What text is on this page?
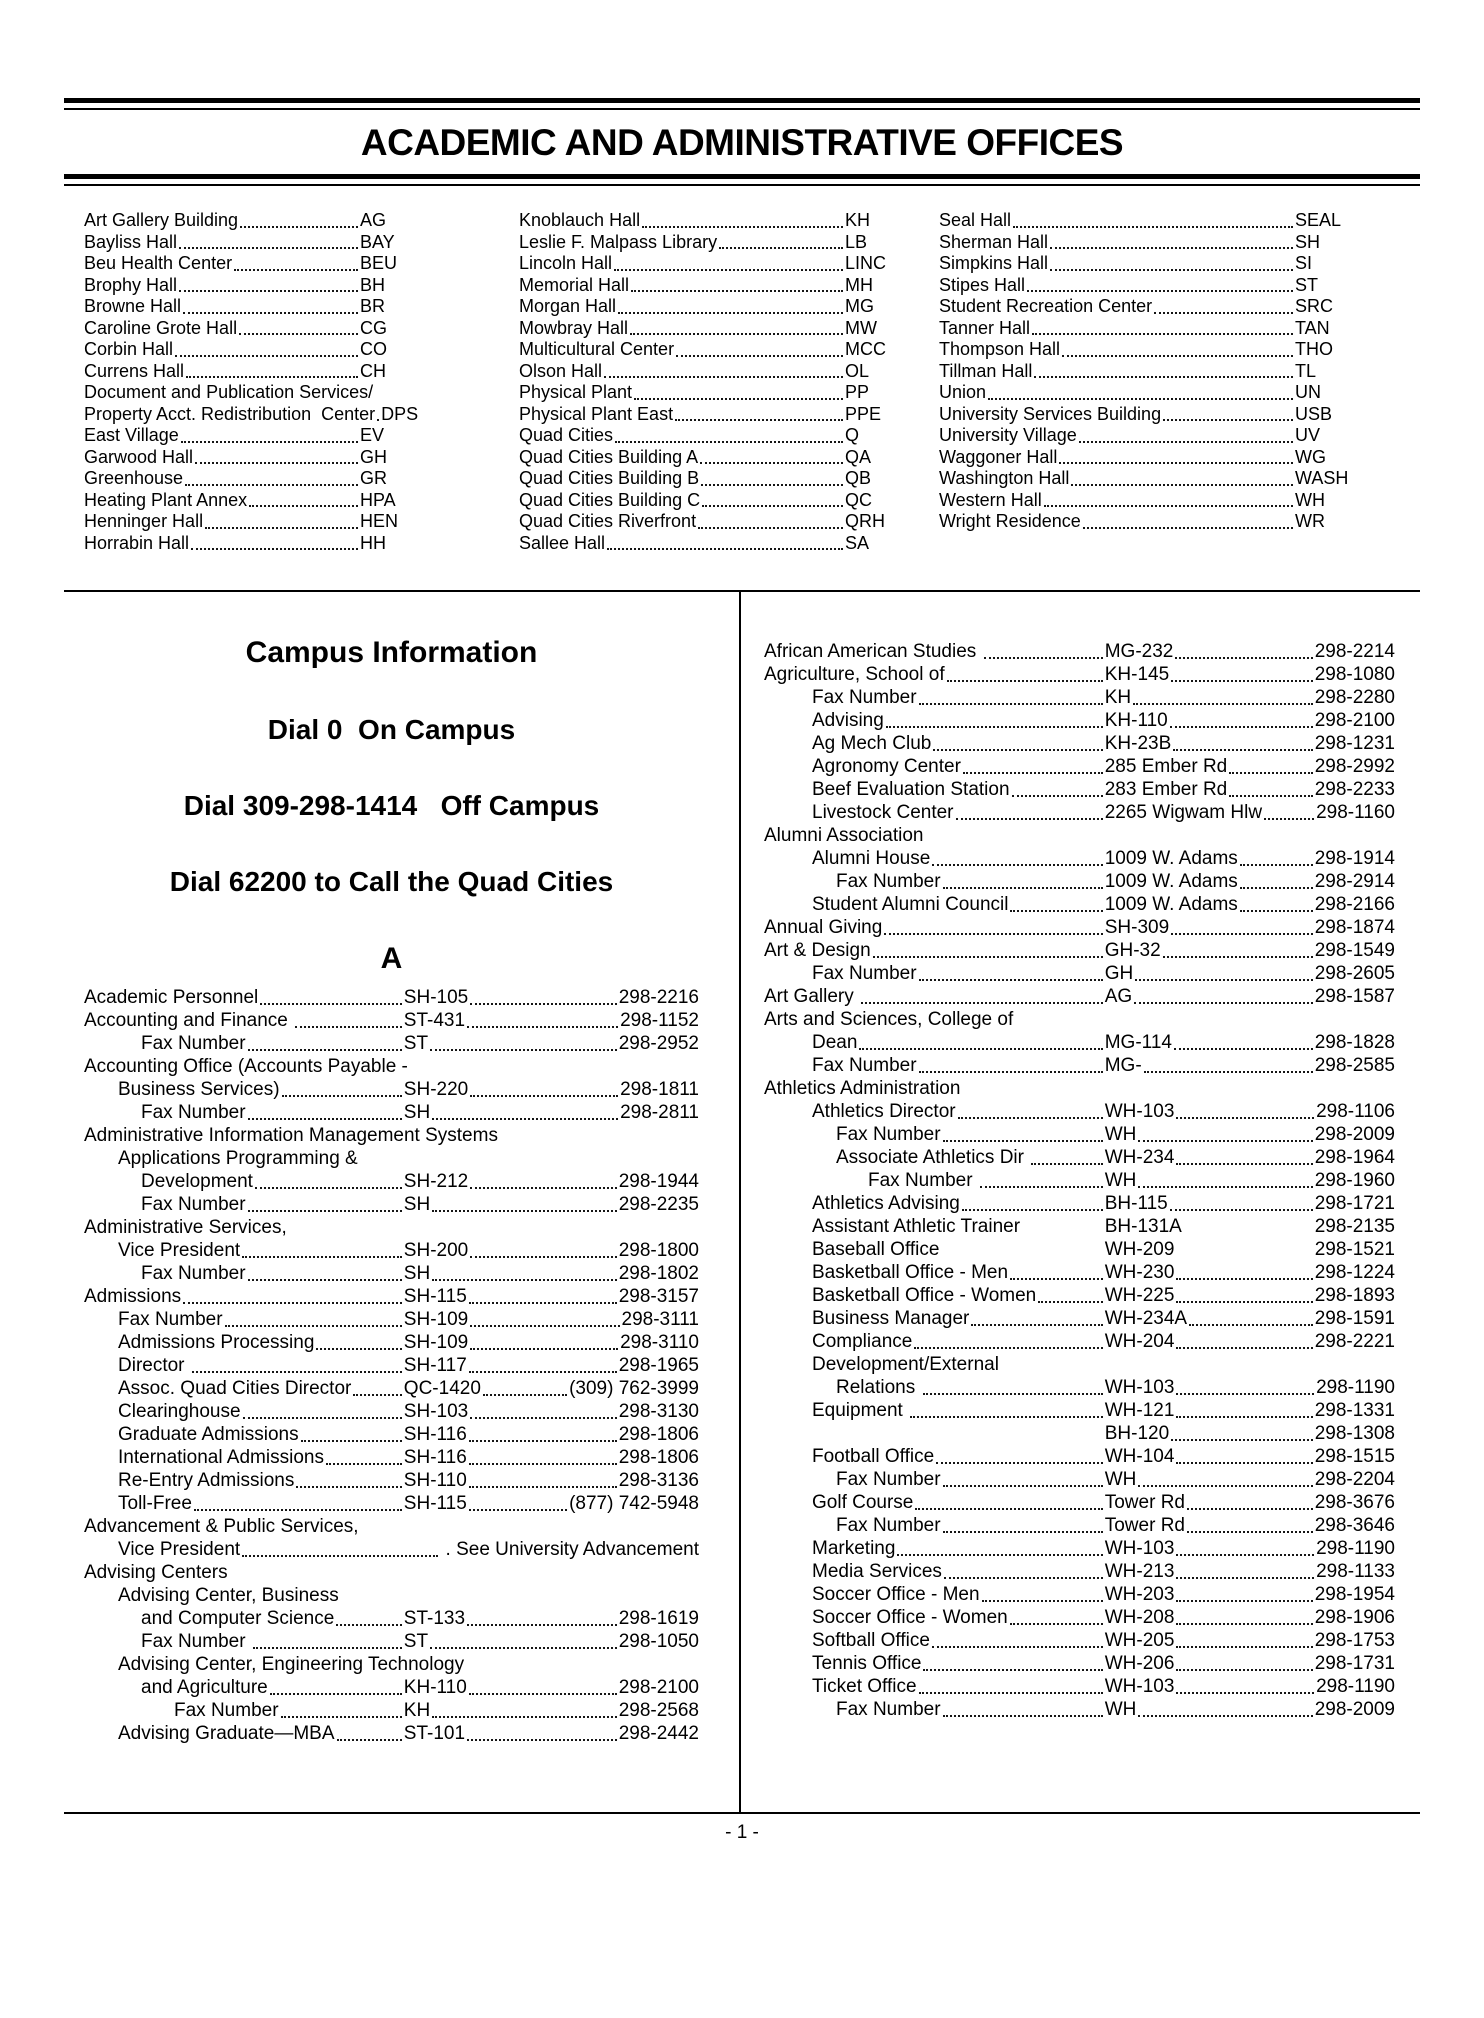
ACADEMIC AND ADMINISTRATIVE OFFICES
Art Gallery Building	AG
Bayliss Hall	BAY
Beu Health Center	BEU
Brophy Hall	BH
Browne Hall	BR
Caroline Grote Hall	CG
Corbin Hall	CO
Currens Hall	CH
Document and Publication Services/
Property Acct. Redistribution  Center DPS
East Village	EV
Garwood Hall	GH
Greenhouse	GR
Heating Plant Annex	HPA
Henninger Hall	HEN
Horrabin Hall	HH
Knoblauch Hall	KH
Leslie F. Malpass Library	LB
Lincoln Hall	LINC
Memorial Hall	MH
Morgan Hall	MG
Mowbray Hall	MW
Multicultural Center	MCC
Olson Hall	OL
Physical Plant	PP
Physical Plant East	PPE
Quad Cities	Q
Quad Cities Building A	QA
Quad Cities Building B	QB
Quad Cities Building C	QC
Quad Cities Riverfront	QRH
Sallee Hall	SA
Seal Hall	SEAL
Sherman Hall	SH
Simpkins Hall	SI
Stipes Hall	ST
Student Recreation Center	SRC
Tanner Hall	TAN
Thompson Hall	THO
Tillman Hall	TL
Union	UN
University Services Building	USB
University Village	UV
Waggoner Hall	WG
Washington Hall	WASH
Western Hall	WH
Wright Residence	WR
Campus Information
Dial 0  On Campus
Dial 309-298-1414   Off Campus
Dial 62200 to Call the Quad Cities
A
Academic Personnel	SH-105	298-2216
Accounting and Finance	ST-431	298-1152
Fax Number	ST	298-2952
Accounting Office (Accounts Payable -
Business Services)	SH-220	298-1811
Fax Number	SH	298-2811
Administrative Information Management Systems
Applications Programming &
Development	SH-212	298-1944
Fax Number	SH	298-2235
Administrative Services,
Vice President	SH-200	298-1800
Fax Number	SH	298-1802
Admissions	SH-115	298-3157
Fax Number	SH-109	298-3111
Admissions Processing	SH-109	298-3110
Director	SH-117	298-1965
Assoc. Quad Cities Director	QC-1420	(309) 762-3999
Clearinghouse	SH-103	298-3130
Graduate Admissions	SH-116	298-1806
International Admissions	SH-116	298-1806
Re-Entry Admissions	SH-110	298-3136
Toll-Free	SH-115	(877) 742-5948
Advancement & Public Services,
Vice President	. See University Advancement
Advising Centers
Advising Center, Business
and Computer Science	ST-133	298-1619
Fax Number	ST	298-1050
Advising Center, Engineering Technology
and Agriculture	KH-110	298-2100
Fax Number	KH	298-2568
Advising Graduate—MBA	ST-101	298-2442
African American Studies	MG-232	298-2214
Agriculture, School of	KH-145	298-1080
Fax Number	KH	298-2280
Advising	KH-110	298-2100
Ag Mech Club	KH-23B	298-1231
Agronomy Center	285 Ember Rd	298-2992
Beef Evaluation Station	283 Ember Rd	298-2233
Livestock Center	2265 Wigwam Hlw	298-1160
Alumni Association
Alumni House	1009 W. Adams	298-1914
Fax Number	1009 W. Adams	298-2914
Student Alumni Council	1009 W. Adams	298-2166
Annual Giving	SH-309	298-1874
Art & Design	GH-32	298-1549
Fax Number	GH	298-2605
Art Gallery	AG	298-1587
Arts and Sciences, College of
Dean	MG-114	298-1828
Fax Number	MG-	298-2585
Athletics Administration
Athletics Director	WH-103	298-1106
Fax Number	WH	298-2009
Associate Athletics Dir	WH-234	298-1964
Fax Number	WH	298-1960
Athletics Advising	BH-115	298-1721
Assistant Athletic Trainer	BH-131A	298-2135
Baseball Office	WH-209	298-1521
Basketball Office - Men	WH-230	298-1224
Basketball Office - Women	WH-225	298-1893
Business Manager	WH-234A	298-1591
Compliance	WH-204	298-2221
Development/External
Relations	WH-103	298-1190
Equipment	WH-121	298-1331
BH-120	298-1308
Football Office	WH-104	298-1515
Fax Number	WH	298-2204
Golf Course	Tower Rd	298-3676
Fax Number	Tower Rd	298-3646
Marketing	WH-103	298-1190
Media Services	WH-213	298-1133
Soccer Office - Men	WH-203	298-1954
Soccer Office - Women	WH-208	298-1906
Softball Office	WH-205	298-1753
Tennis Office	WH-206	298-1731
Ticket Office	WH-103	298-1190
Fax Number	WH	298-2009
- 1 -
